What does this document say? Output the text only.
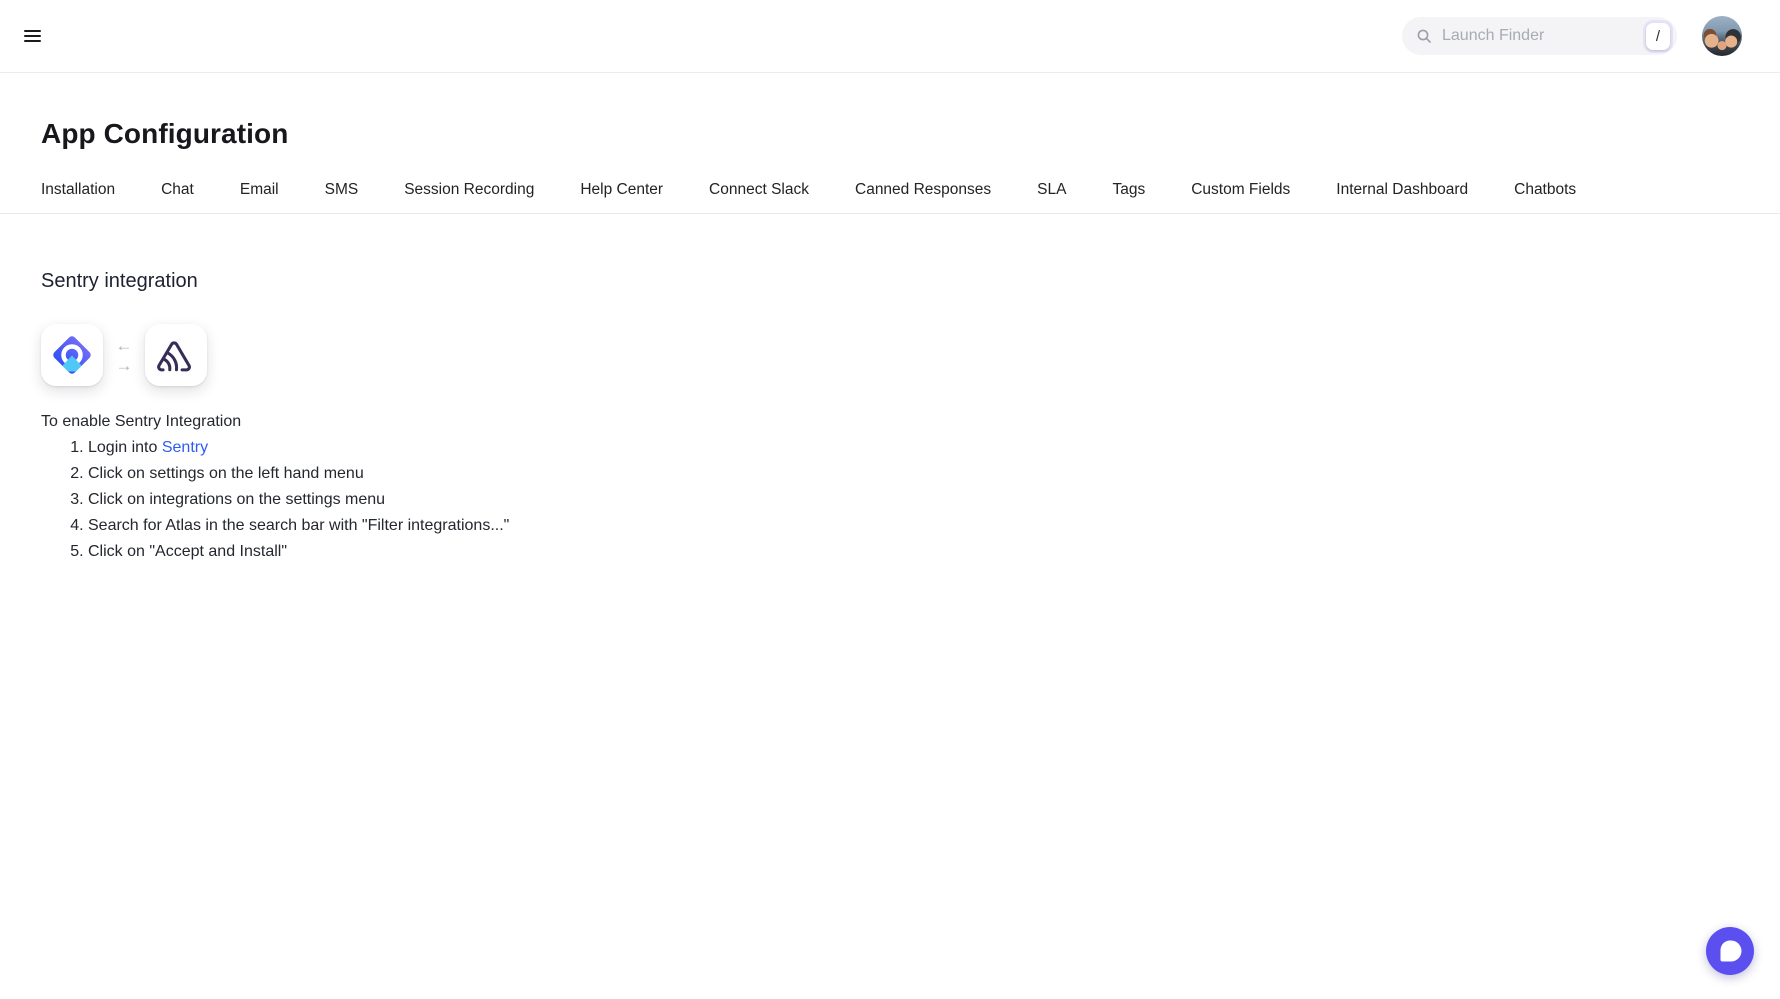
Launch Finder
/
App Configuration
Installation	Chat	Email	SMS	Session Recording	Help Center	Connect Slack	Canned Responses	SLA	Tags	Custom Fields	Internal Dashboard	Chatbots
Sentry integration
←
→

To enable Sentry Integration

1. Login into Sentry
2. Click on settings on the left hand menu
3. Click on integrations on the settings menu
4. Search for Atlas in the search bar with "Filter integrations..."
5. Click on "Accept and Install"
